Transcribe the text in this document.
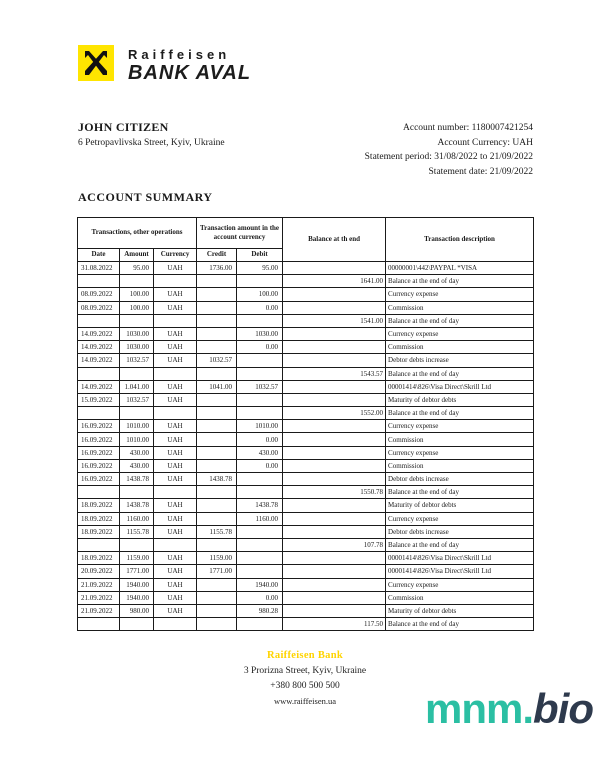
Raiffeisen
BANK AVAL
JOHN CITIZEN
6 Petropavlivska Street, Kyiv, Ukraine
Account number: 1180007421254
Account Currency: UAH
Statement period: 31/08/2022 to 21/09/2022
Statement date: 21/09/2022
ACCOUNT SUMMARY
Transactions, other operations			Transaction amount in the account currency		Balance at th end	Transaction description
Date	Amount	Currency	Credit	Debit		
31.08.2022	95.00	UAH	1736.00	95.00		00000001\442\PAYPAL *VISA
					1641.00	Balance at the end of day
08.09.2022	100.00	UAH		100.00		Currency expense
08.09.2022	100.00	UAH		0.00		Commission
					1541.00	Balance at the end of day
14.09.2022	1030.00	UAH		1030.00		Currency expense
14.09.2022	1030.00	UAH		0.00		Commission
14.09.2022	1032.57	UAH	1032.57			Debtor debts increase
					1543.57	Balance at the end of day
14.09.2022	1.041.00	UAH	1041.00	1032.57		00001414\826\Visa Direct\Skrill Ltd
15.09.2022	1032.57	UAH				Maturity of debtor debts
					1552.00	Balance at the end of day
16.09.2022	1010.00	UAH		1010.00		Currency expense
16.09.2022	1010.00	UAH		0.00		Commission
16.09.2022	430.00	UAH		430.00		Currency expense
16.09.2022	430.00	UAH		0.00		Commission
16.09.2022	1438.78	UAH	1438.78			Debtor debts increase
					1550.78	Balance at the end of day
18.09.2022	1438.78	UAH		1438.78		Maturity of debtor debts
18.09.2022	1160.00	UAH		1160.00		Currency expense
18.09.2022	1155.78	UAH	1155.78			Debtor debts increase
					107.78	Balance at the end of day
18.09.2022	1159.00	UAH	1159.00			00001414\826\Visa Direct\Skrill Ltd
20.09.2022	1771.00	UAH	1771.00			00001414\826\Visa Direct\Skrill Ltd
21.09.2022	1940.00	UAH		1940.00		Currency expense
21.09.2022	1940.00	UAH		0.00		Commission
21.09.2022	980.00	UAH		980.28		Maturity of debtor debts
					117.50	Balance at the end of day
Raiffeisen Bank
3 Prorizna Street, Kyiv, Ukraine
+380 800 500 500
www.raiffeisen.ua	mnm.bio
